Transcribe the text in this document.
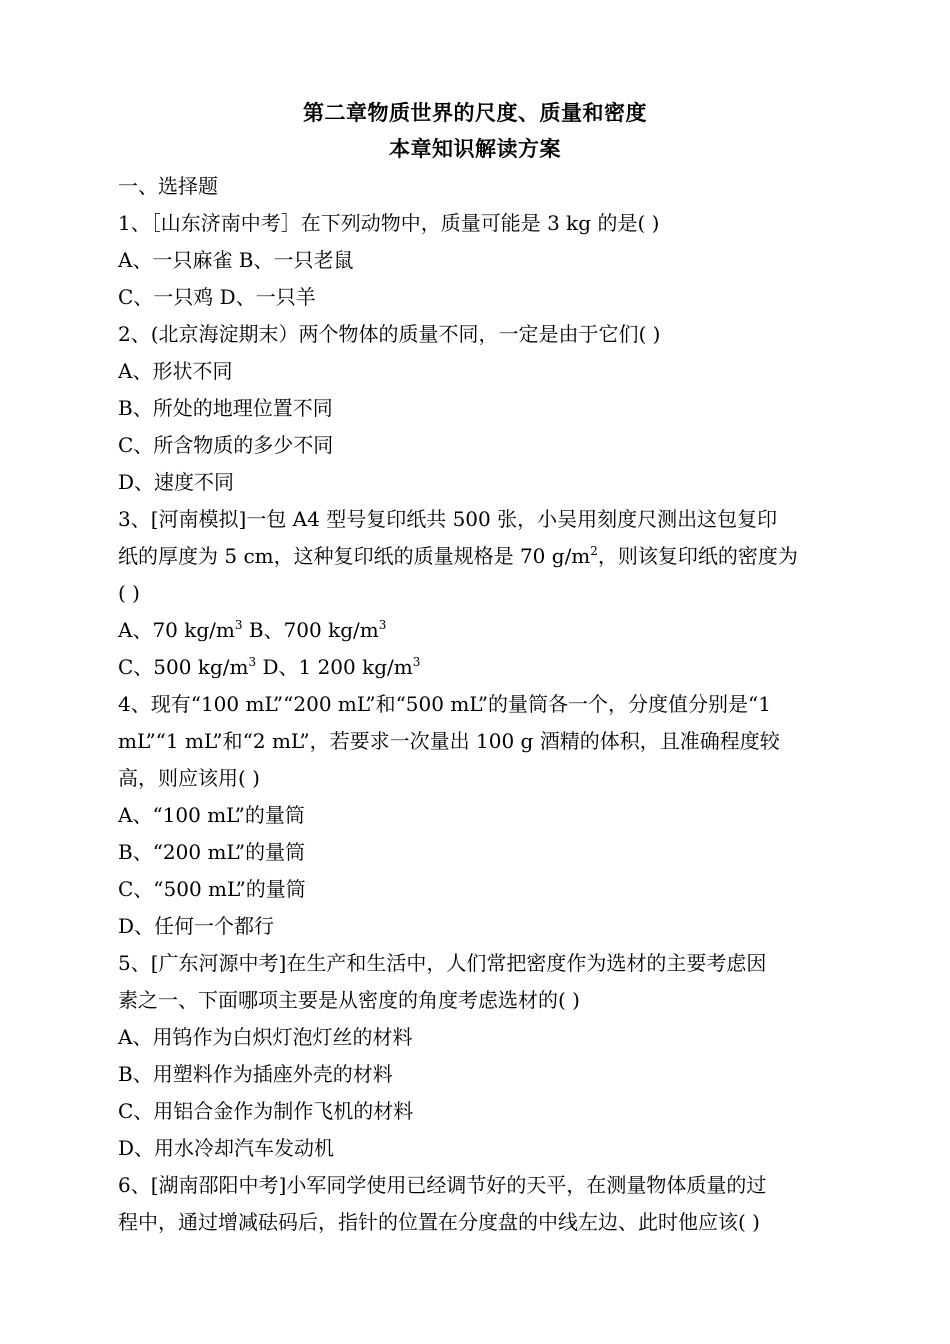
第二章物质世界的尺度、质量和密度
本章知识解读方案
一、选择题
1、［山东济南中考］在下列动物中，质量可能是 3 kg 的是( )
A、一只麻雀 B、一只老鼠
C、一只鸡 D、一只羊
2、(北京海淀期末）两个物体的质量不同，一定是由于它们( )
A、形状不同
B、所处的地理位置不同
C、所含物质的多少不同
D、速度不同
3、[河南模拟]一包 A4 型号复印纸共 500 张，小吴用刻度尺测出这包复印
纸的厚度为 5 cm，这种复印纸的质量规格是 70 $g/m^2$，则该复印纸的密度为
( )
A、70 $kg/m^3$ B、700 $kg/m^3$
C、500 $kg/m^3$ D、1 200 $kg/m^3$
4、现有“100 mL”“200 mL”和“500 mL”的量筒各一个，分度值分别是“1
mL”“1 mL”和“2 mL”，若要求一次量出 100 g 酒精的体积，且准确程度较
高，则应该用( )
A、“100 mL”的量筒
B、“200 mL”的量筒
C、“500 mL”的量筒
D、任何一个都行
5、[广东河源中考]在生产和生活中，人们常把密度作为选材的主要考虑因
素之一、下面哪项主要是从密度的角度考虑选材的( )
A、用钨作为白炽灯泡灯丝的材料
B、用塑料作为插座外壳的材料
C、用铝合金作为制作飞机的材料
D、用水冷却汽车发动机
6、[湖南邵阳中考]小军同学使用已经调节好的天平，在测量物体质量的过
程中，通过增减砝码后，指针的位置在分度盘的中线左边、此时他应该( )
